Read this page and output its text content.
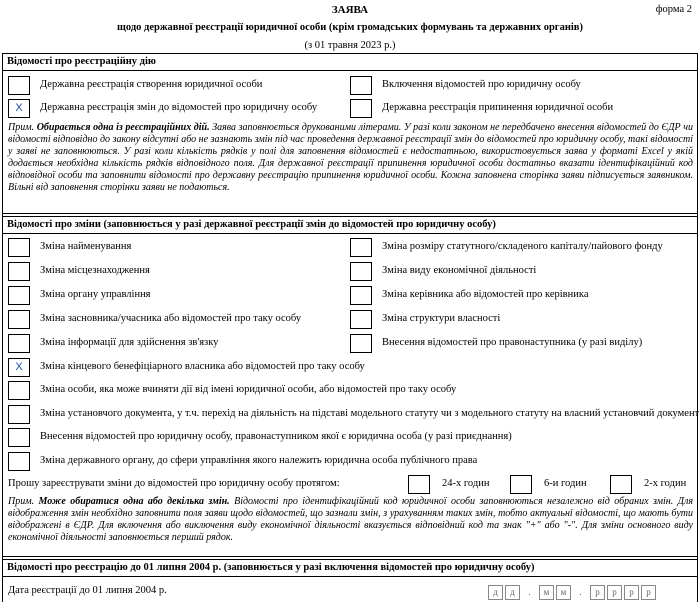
ЗАЯВА	форма 2
щодо державної реєстрації юридичної особи (крім громадських формувань та державних органів)
(з 01 травня 2023 р.)
Відомості про реєстраційну дію
Державна реєстрація створення юридичної особи	Включення відомостей про юридичну особу
X	Державна реєстрація змін до відомостей про юридичну особу	Державна реєстрація припинення юридичної особи
Прим. Обирається одна із реєстраційних дій. Заява заповнюється друкованими літерами. У разі коли законом не передбачено внесення відомостей до ЄДР чи відомості відповідно до закону відсутні або не зазнають змін під час проведення державної реєстрації змін до відомостей про юридичну особу, такі відомості у заяві не заповнюються. У разі коли кількість рядків у полі для заповнення відомостей є недостатньою, використовується заява у форматі Excel у якій додається необхідна кількість рядків відповідного поля. Для державної реєстрації припинення юридичної особи достатньо вказати ідентифікаційний код відповідної особи та заповнити відомості про державну реєстрацію припинення юридичної особи. Кожна заповнена сторінка заяви підписується заявником. Вільні від заповнення сторінки заяви не подаються.
Відомості про зміни (заповнюється у разі державної реєстрації змін до відомостей про юридичну особу)
Зміна найменування	Зміна розміру статутного/складеного капіталу/пайового фонду
Зміна місцезнаходження	Зміна виду економічної діяльності
Зміна органу управління	Зміна керівника або відомостей про керівника
Зміна засновника/учасника або відомостей про таку особу	Зміна структури власності
Зміна інформації для здійснення зв'язку	Внесення відомостей про правонаступника (у разі виділу)
X	Зміна кінцевого бенефіціарного власника або відомостей про таку особу
Зміна особи, яка може вчиняти дії від імені юридичної особи, або відомостей про таку особу
Зміна установчого документа, у т.ч. перехід на діяльність на підставі модельного статуту чи з модельного статуту на власний установчий документ
Внесення відомостей про юридичну особу, правонаступником якої є юридична особа (у разі приєднання)
Зміна державного органу, до сфери управління якого належить юридична особа публічного права
Прошу зареєструвати зміни до відомостей про юридичну особу протягом:	24-х годин	6-и годин	2-х годин
Прим. Може обиратися одна або декілька змін. Відомості про ідентифікаційний код юридичної особи заповнюються незалежно від обраних змін. Для відображення змін необхідно заповнити поля заяви щодо відомостей, що зазнали змін, з урахуванням таких змін, тобто актуальні відомості, що мають бути відображені в ЄДР. Для включення або виключення виду економічної діяльності вказується відповідний код та знак "+" або "-". Для зміни основного виду економічної діяльності заповнюється перший рядок.
Відомості про реєстрацію до 01 липня 2004 р. (заповнюється у разі включення відомостей про юридичну особу)
Дата реєстрації до 01 липня 2004 р.	д	д	.	м	м	.	р	р	р	р
